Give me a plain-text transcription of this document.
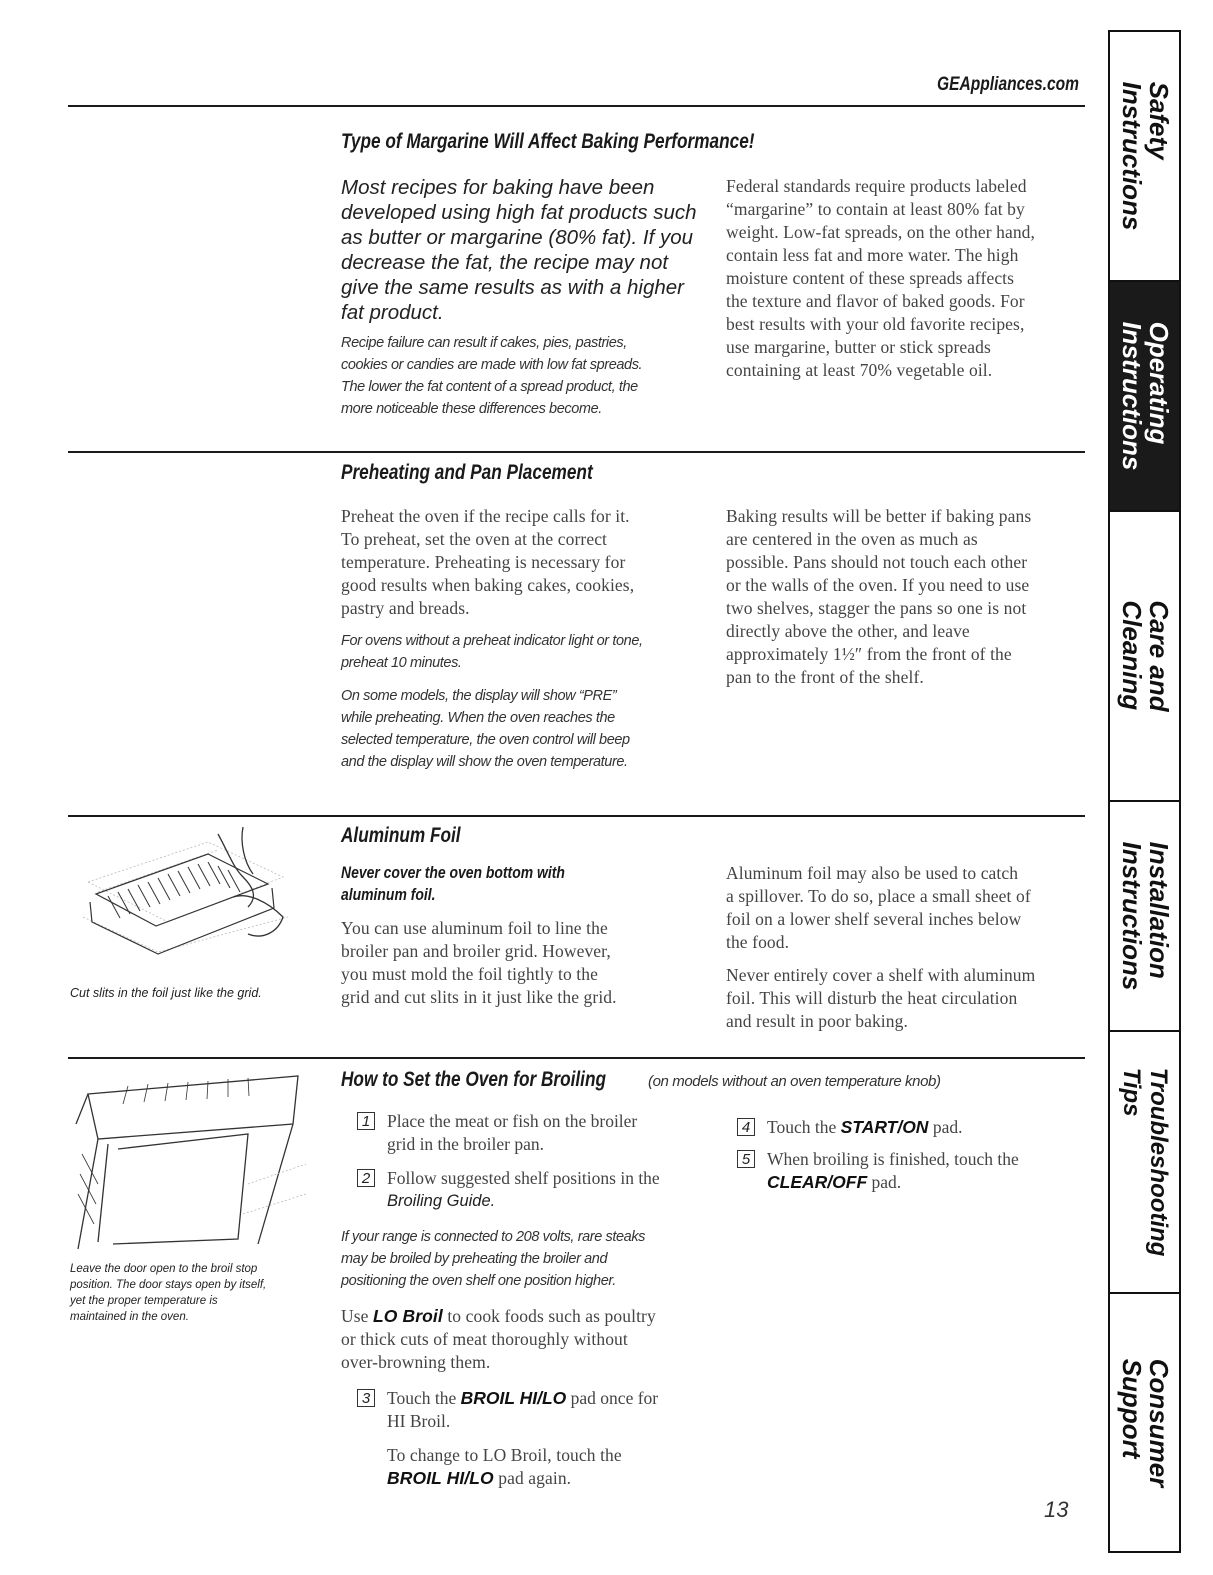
GEAppliances.com
Type of Margarine Will Affect Baking Performance!
Most recipes for baking have been
developed using high fat products such
as butter or margarine (80% fat). If you
decrease the fat, the recipe may not
give the same results as with a higher
fat product.
Recipe failure can result if cakes, pies, pastries,
cookies or candies are made with low fat spreads.
The lower the fat content of a spread product, the
more noticeable these differences become.

Federal standards require products labeled

“margarine” to contain at least 80% fat by

weight. Low-fat spreads, on the other hand,

contain less fat and more water. The high

moisture content of these spreads affects

the texture and flavor of baked goods. For

best results with your old favorite recipes,

use margarine, butter or stick spreads

containing at least 70% vegetable oil.

Preheating and Pan Placement

Preheat the oven if the recipe calls for it.

To preheat, set the oven at the correct

temperature. Preheating is necessary for

good results when baking cakes, cookies,

pastry and breads.

For ovens without a preheat indicator light or tone,
preheat 10 minutes.
On some models, the display will show “PRE”
while preheating. When the oven reaches the
selected temperature, the oven control will beep
and the display will show the oven temperature.

Baking results will be better if baking pans

are centered in the oven as much as

possible. Pans should not touch each other

or the walls of the oven. If you need to use

two shelves, stagger the pans so one is not

directly above the other, and leave

approximately 1½″ from the front of the

pan to the front of the shelf.

Cut slits in the foil just like the grid.
Aluminum Foil
Never cover the oven bottom with
aluminum foil.

You can use aluminum foil to line the

broiler pan and broiler grid. However,

you must mold the foil tightly to the

grid and cut slits in it just like the grid.

Aluminum foil may also be used to catch

a spillover. To do so, place a small sheet of

foil on a lower shelf several inches below

the food.

Never entirely cover a shelf with aluminum

foil. This will disturb the heat circulation

and result in poor baking.

Leave the door open to the broil stop
position. The door stays open by itself,
yet the proper temperature is
maintained in the oven.
How to Set the Oven for Broiling	(on models without an oven temperature knob)
1 Place the meat or fish on the broiler

grid in the broiler pan.

2 Follow suggested shelf positions in the

Broiling Guide.

If your range is connected to 208 volts, rare steaks
may be broiled by preheating the broiler and
positioning the oven shelf one position higher.

Use LO Broil to cook foods such as poultry

or thick cuts of meat thoroughly without

over-browning them.

3 Touch the BROIL HI/LO pad once for

HI Broil.

To change to LO Broil, touch the

BROIL HI/LO pad again.

4 Touch the START/ON pad.

5 When broiling is finished, touch the

CLEAR/OFF pad.

13
Safety
Instructions
Operating
Instructions
Care and
Cleaning
Installation
Instructions
Troubleshooting
Tips
Consumer
Support
